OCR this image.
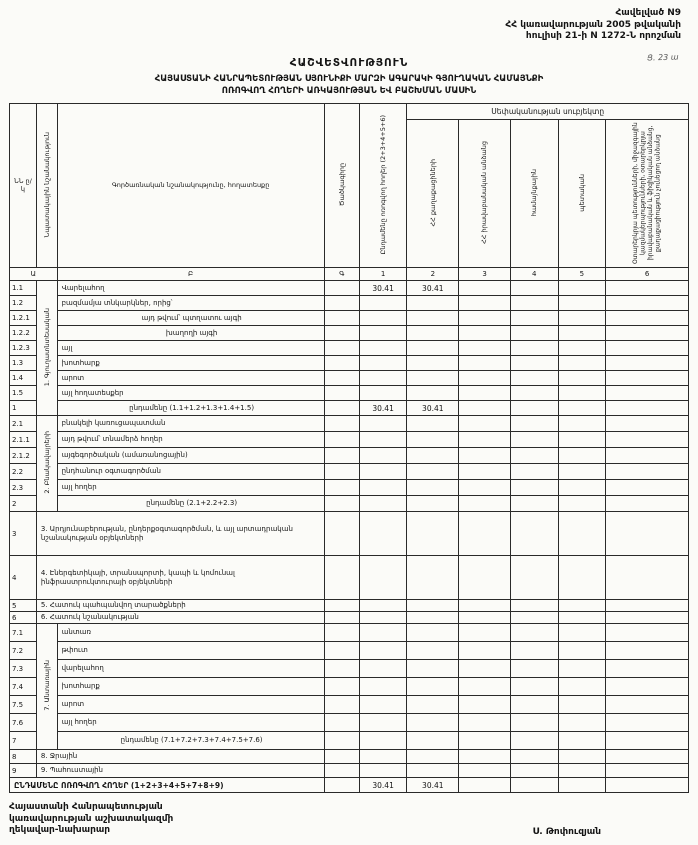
Հավելված N9
ՀՀ կառավարության 2005 թվականի
հուլիսի 21-ի N 1272-Ն որոշման
ՀԱՇՎԵՏՎՈՒԹՅՈՒՆ	Ց. 23 ա
ՀԱՅԱՍՏԱՆԻ ՀԱՆՐԱՊԵՏՈՒԹՅԱՆ ՍՅՈՒՆԻՔԻ ՄԱՐԶԻ ԱԳԱՐԱԿԻ ԳՅՈՒՂԱԿԱՆ ՀԱՄԱՅՆՔԻ
ՈՌՈԳՎՈՂ ՀՈՂԵՐԻ ԱՌԿԱՅՈՒԹՅԱՆ ԵՎ ԲԱՇԽՄԱՆ ՄԱՍԻՆ
ՆՆ ը/կ	Նպատակային նշանակություն	Գործառնական նշանակությունը, հողատեսքը	Ծածկագիրը	Ընդամենը ոռոգվող հողեր (2+3+4+5+6)	Սեփականության սուբյեկտը				
					ՀՀ քաղաքացիների	ՀՀ իրավաբանական անձանց	համայնքային	պետական	Օտարերկրյա պետությունների, միջազգային կազմակերպությունների, օտարերկրյա իրավաբանական և ֆիզիկական անձանց, քաղաքացիություն չունեցող անձանց
Ա		Բ	Գ	1	2	3	4	5	6
1.1	1. Գյուղատնտեսական	Վարելահող		30.41	30.41				
1.2		բազմամյա տնկարկներ, որից՝							
1.2.1		այդ թվում՝ պտղատու այգի							
1.2.2		խաղողի այգի							
1.2.3		այլ							
1.3		խոտհարք							
1.4		արոտ							
1.5		այլ հողատեսքեր							
1		ընդամենը (1.1+1.2+1.3+1.4+1.5)		30.41	30.41				
2.1	2. Բնակավայրերի	բնակելի կառուցապատման							
2.1.1		այդ թվում՝ տնամերձ հողեր							
2.1.2		այգեգործական (ամառանոցային)							
2.2		ընդհանուր օգտագործման							
2.3		այլ հողեր							
2		ընդամենը (2.1+2.2+2.3)							
3	3. Արդյունաբերության, ընդերքօգտագործման, և այլ արտադրական նշանակության օբյեկտների								
4	4. Էներգետիկայի, տրանսպորտի, կապի և կոմունալ ինֆրաստրուկտուրայի օբյեկտների								
5	5. Հատուկ պահպանվող տարածքների								
6	6. Հատուկ նշանակության								
7.1	7. Անտառային	անտառ							
7.2		թփուտ							
7.3		վարելահող							
7.4		խոտհարք							
7.5		արոտ							
7.6		այլ հողեր							
7		ընդամենը (7.1+7.2+7.3+7.4+7.5+7.6)							
8	8. Ջրային								
9	9. Պահուստային								
ԸՆԴԱՄԵՆԸ ՈՌՈԳՎՈՂ ՀՈՂԵՐ (1+2+3+4+5+7+8+9)				30.41	30.41				
Հայաստանի Հանրապետության
կառավարության աշխատակազմի
ղեկավար-նախարար	Ս. Թոփուզյան
